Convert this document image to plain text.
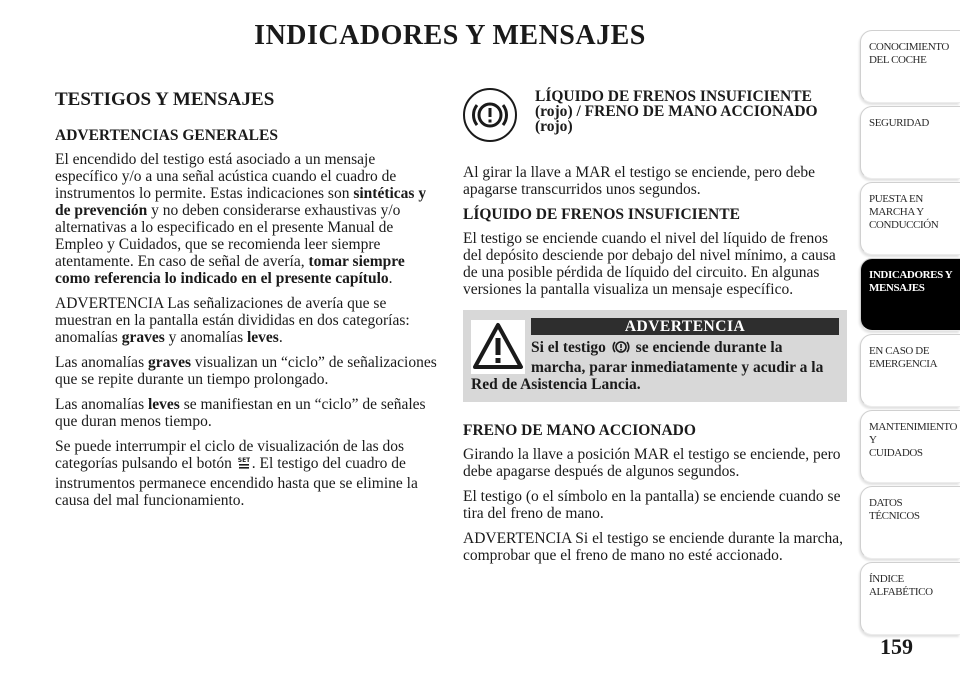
INDICADORES Y MENSAJES
TESTIGOS Y MENSAJES
ADVERTENCIAS GENERALES

El encendido del testigo está asociado a un mensaje específico y/o a una señal acústica cuando el cuadro de instrumentos lo permite. Estas indicaciones son sintéticas y de prevención y no deben considerarse exhaustivas y/o alternativas a lo especificado en el presente Manual de Empleo y Cuidados, que se recomienda leer siempre atentamente. En caso de señal de avería, tomar siempre como referencia lo indicado en el presente capítulo.

ADVERTENCIA Las señalizaciones de avería que se muestran en la pantalla están divididas en dos categorías: anomalías graves y anomalías leves.

Las anomalías graves visualizan un “ciclo” de señalizaciones que se repite durante un tiempo prolongado.

Las anomalías leves se manifiestan en un “ciclo” de señales que duran menos tiempo.

Se puede interrumpir el ciclo de visualización de las dos categorías pulsando el botón SET . El testigo del cuadro de instrumentos permanece encendido hasta que se elimine la causa del mal funcionamiento.

LÍQUIDO DE FRENOS INSUFICIENTE (rojo) / FRENO DE MANO ACCIONADO (rojo)

Al girar la llave a MAR el testigo se enciende, pero debe apagarse transcurridos unos segundos.

LÍQUIDO DE FRENOS INSUFICIENTE

El testigo se enciende cuando el nivel del líquido de frenos del depósito desciende por debajo del nivel mínimo, a causa de una posible pérdida de líquido del circuito. En algunas versiones la pantalla visualiza un mensaje específico.

ADVERTENCIA

Si el testigo  se enciende durante la marcha, parar inmediatamente y acudir a la Red de Asistencia Lancia.

FRENO DE MANO ACCIONADO

Girando la llave a posición MAR el testigo se enciende, pero debe apagarse después de algunos segundos.

El testigo (o el símbolo en la pantalla) se enciende cuando se tira del freno de mano.

ADVERTENCIA Si el testigo se enciende durante la marcha, comprobar que el freno de mano no esté accionado.

CONOCIMIENTO
DEL COCHE
SEGURIDAD
PUESTA EN
MARCHA Y
CONDUCCIÓN
INDICADORES Y
MENSAJES
EN CASO DE
EMERGENCIA
MANTENIMIENTO Y
CUIDADOS
DATOS TÉCNICOS
ÍNDICE
ALFABÉTICO
159
